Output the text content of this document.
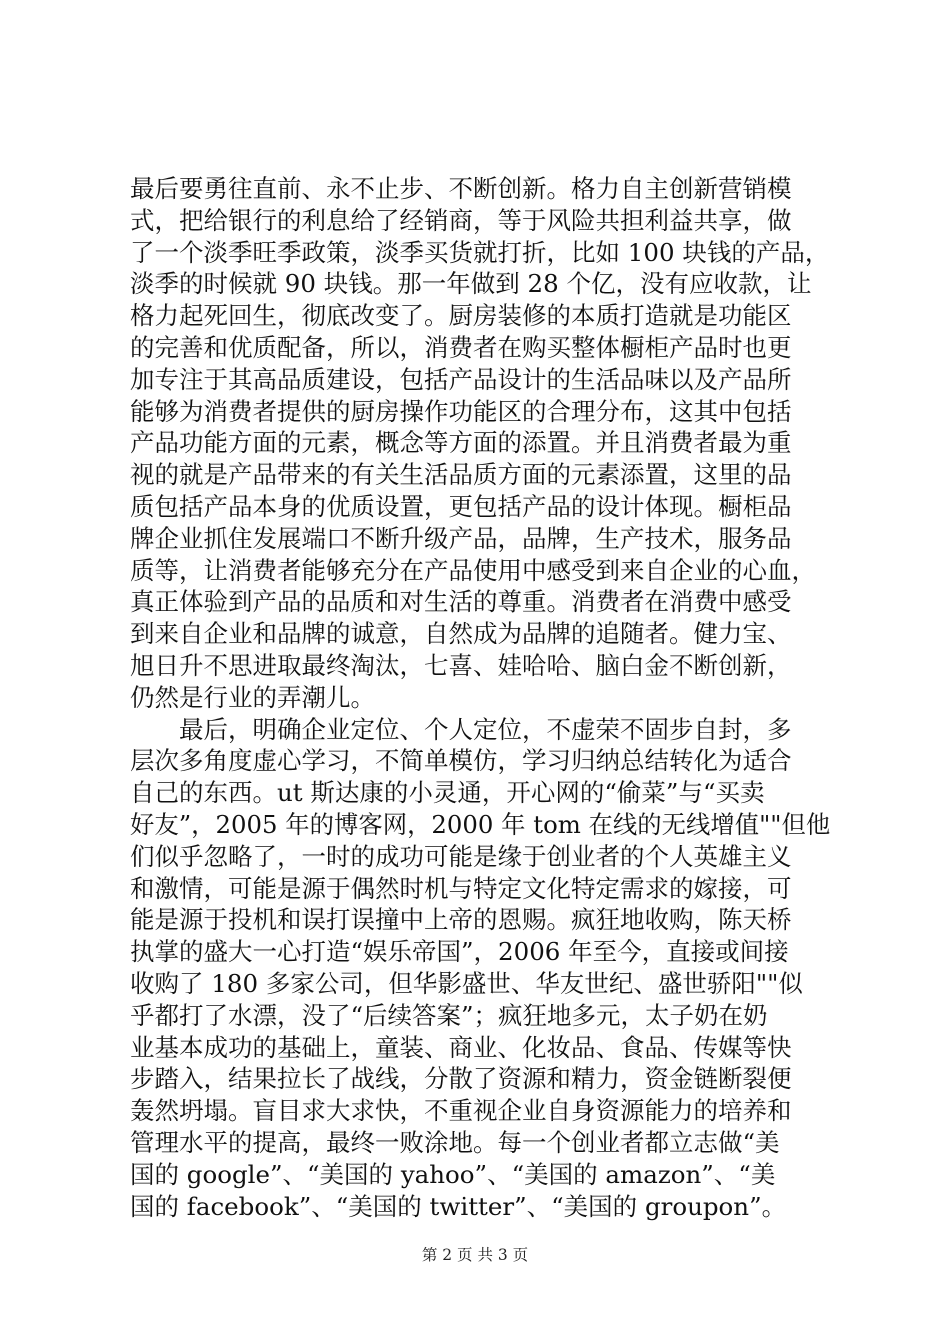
最后要勇往直前、永不止步、不断创新。格力自主创新营销模
式，把给银行的利息给了经销商，等于风险共担利益共享，做
了一个淡季旺季政策，淡季买货就打折，比如 100 块钱的产品，
淡季的时候就 90 块钱。那一年做到 28 个亿，没有应收款，让
格力起死回生，彻底改变了。厨房装修的本质打造就是功能区
的完善和优质配备，所以，消费者在购买整体橱柜产品时也更
加专注于其高品质建设，包括产品设计的生活品味以及产品所
能够为消费者提供的厨房操作功能区的合理分布，这其中包括
产品功能方面的元素，概念等方面的添置。并且消费者最为重
视的就是产品带来的有关生活品质方面的元素添置，这里的品
质包括产品本身的优质设置，更包括产品的设计体现。橱柜品
牌企业抓住发展端口不断升级产品，品牌，生产技术，服务品
质等，让消费者能够充分在产品使用中感受到来自企业的心血，
真正体验到产品的品质和对生活的尊重。消费者在消费中感受
到来自企业和品牌的诚意，自然成为品牌的追随者。健力宝、
旭日升不思进取最终淘汰，七喜、娃哈哈、脑白金不断创新，
仍然是行业的弄潮儿。
　　最后，明确企业定位、个人定位，不虚荣不固步自封，多
层次多角度虚心学习，不简单模仿，学习归纳总结转化为适合
自己的东西。ut 斯达康的小灵通，开心网的“偷菜”与“买卖
好友”，2005 年的博客网，2000 年 tom 在线的无线增值""但他
们似乎忽略了，一时的成功可能是缘于创业者的个人英雄主义
和激情，可能是源于偶然时机与特定文化特定需求的嫁接，可
能是源于投机和误打误撞中上帝的恩赐。疯狂地收购，陈天桥
执掌的盛大一心打造“娱乐帝国”，2006 年至今，直接或间接
收购了 180 多家公司，但华影盛世、华友世纪、盛世骄阳""似
乎都打了水漂，没了“后续答案”；疯狂地多元，太子奶在奶
业基本成功的基础上，童装、商业、化妆品、食品、传媒等快
步踏入，结果拉长了战线，分散了资源和精力，资金链断裂便
轰然坍塌。盲目求大求快，不重视企业自身资源能力的培养和
管理水平的提高，最终一败涂地。每一个创业者都立志做“美
国的 google”、“美国的 yahoo”、“美国的 amazon”、“美
国的 facebook”、“美国的 twitter”、“美国的 groupon”。
第 2 页 共 3 页
